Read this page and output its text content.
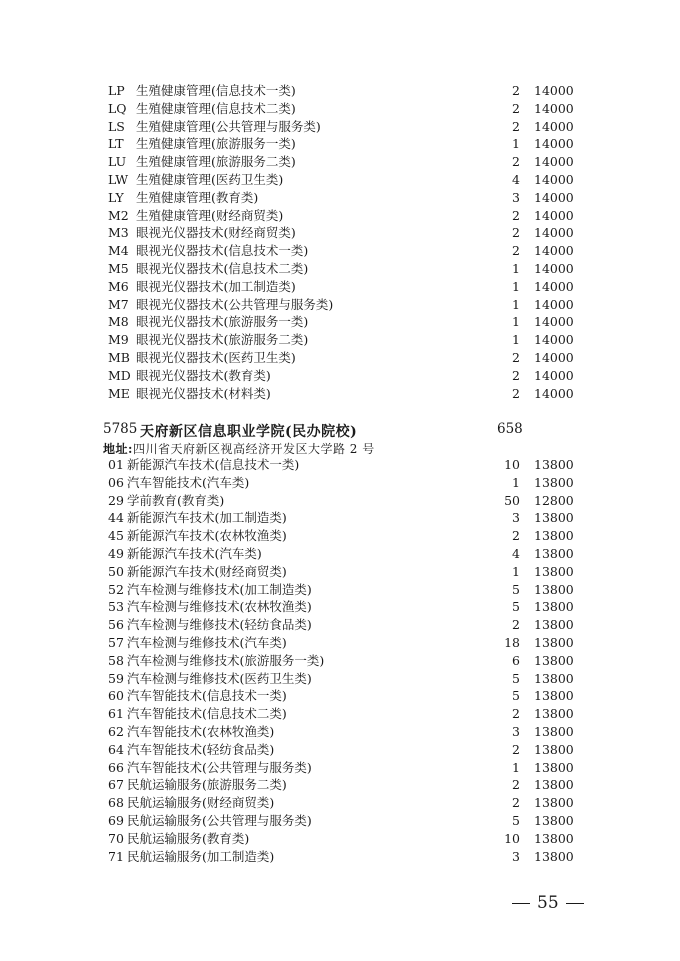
LP 生殖健康管理(信息技术一类)	2 14000
LQ 生殖健康管理(信息技术二类)	2 14000
LS 生殖健康管理(公共管理与服务类)	2 14000
LT 生殖健康管理(旅游服务一类)	1 14000
LU 生殖健康管理(旅游服务二类)	2 14000
LW 生殖健康管理(医药卫生类)	4 14000
LY 生殖健康管理(教育类)	3 14000
M2 生殖健康管理(财经商贸类)	2 14000
M3 眼视光仪器技术(财经商贸类)	2 14000
M4 眼视光仪器技术(信息技术一类)	2 14000
M5 眼视光仪器技术(信息技术二类)	1 14000
M6 眼视光仪器技术(加工制造类)	1 14000
M7 眼视光仪器技术(公共管理与服务类)	1 14000
M8 眼视光仪器技术(旅游服务一类)	1 14000
M9 眼视光仪器技术(旅游服务二类)	1 14000
MB 眼视光仪器技术(医药卫生类)	2 14000
MD 眼视光仪器技术(教育类)	2 14000
ME 眼视光仪器技术(材料类)	2 14000
5785 天府新区信息职业学院(民办院校)	658
地址:四川省天府新区视高经济开发区大学路 2 号
01 新能源汽车技术(信息技术一类)	10 13800
06 汽车智能技术(汽车类)	1 13800
29 学前教育(教育类)	50 12800
44 新能源汽车技术(加工制造类)	3 13800
45 新能源汽车技术(农林牧渔类)	2 13800
49 新能源汽车技术(汽车类)	4 13800
50 新能源汽车技术(财经商贸类)	1 13800
52 汽车检测与维修技术(加工制造类)	5 13800
53 汽车检测与维修技术(农林牧渔类)	5 13800
56 汽车检测与维修技术(轻纺食品类)	2 13800
57 汽车检测与维修技术(汽车类)	18 13800
58 汽车检测与维修技术(旅游服务一类)	6 13800
59 汽车检测与维修技术(医药卫生类)	5 13800
60 汽车智能技术(信息技术一类)	5 13800
61 汽车智能技术(信息技术二类)	2 13800
62 汽车智能技术(农林牧渔类)	3 13800
64 汽车智能技术(轻纺食品类)	2 13800
66 汽车智能技术(公共管理与服务类)	1 13800
67 民航运输服务(旅游服务二类)	2 13800
68 民航运输服务(财经商贸类)	2 13800
69 民航运输服务(公共管理与服务类)	5 13800
70 民航运输服务(教育类)	10 13800
71 民航运输服务(加工制造类)	3 13800
55
